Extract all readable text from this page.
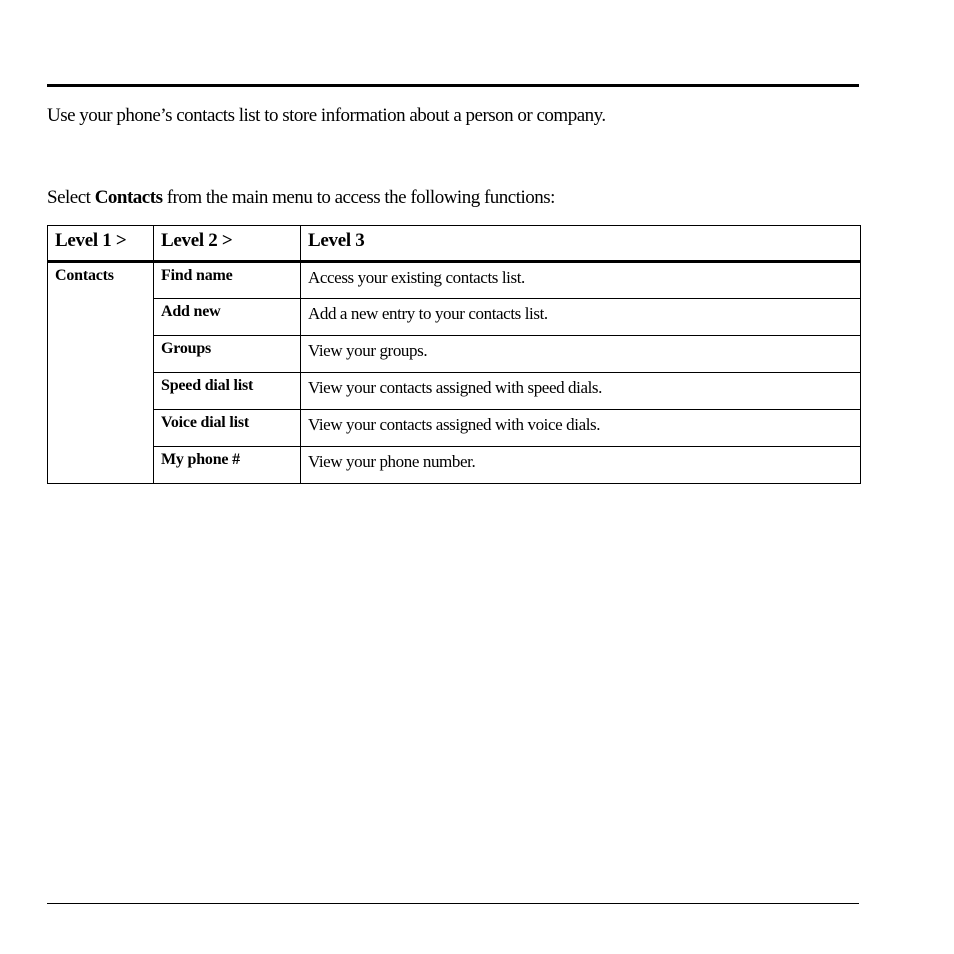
Use your phone’s contacts list to store information about a person or company.

Select Contacts from the main menu to access the following functions:

Level 1 >	Level 2 >	Level 3
Contacts	Find name	Access your existing contacts list.
	Add new	Add a new entry to your contacts list.
	Groups	View your groups.
	Speed dial list	View your contacts assigned with speed dials.
	Voice dial list	View your contacts assigned with voice dials.
	My phone #	View your phone number.
